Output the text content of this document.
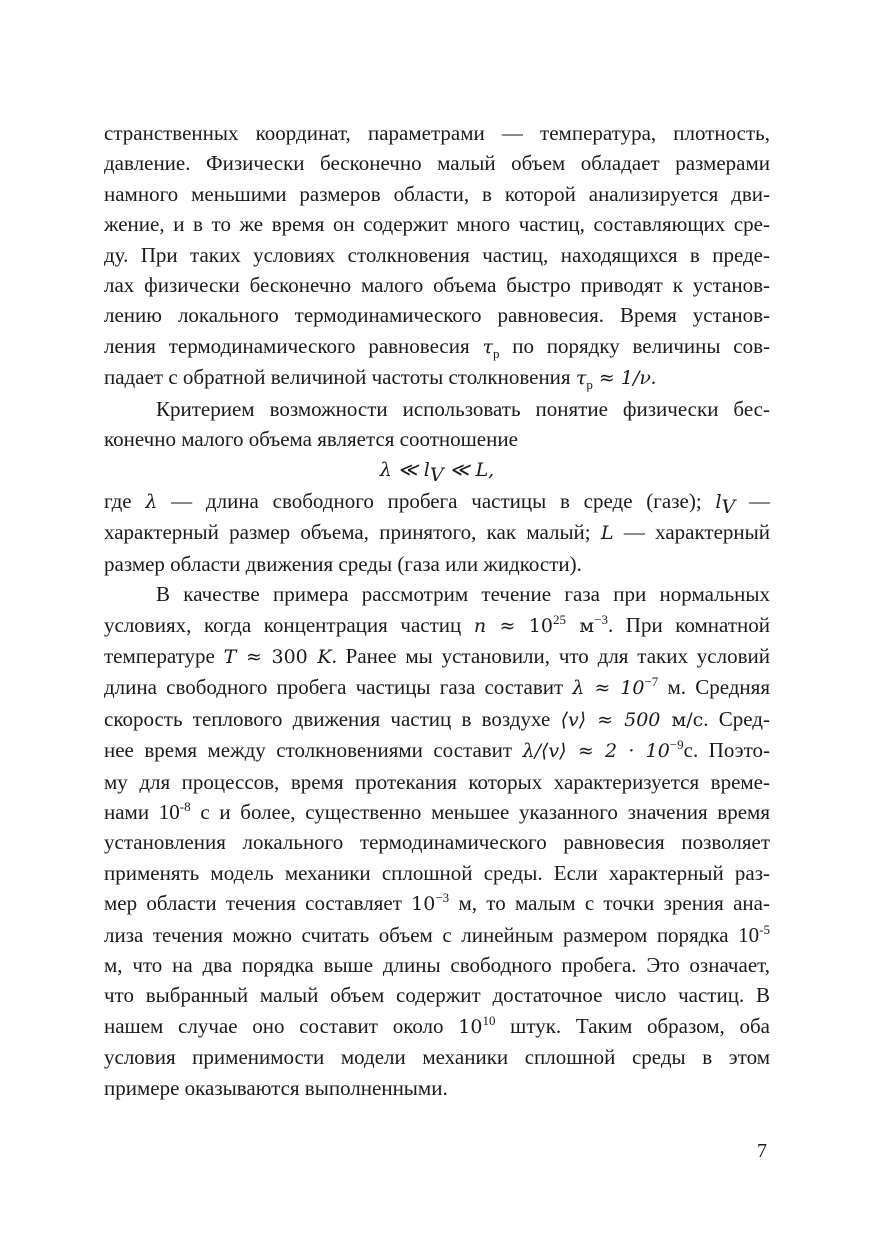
странственных координат, параметрами — температура, плотность,
давление. Физически бесконечно малый объем обладает размерами
намного меньшими размеров области, в которой анализируется дви-
жение, и в то же время он содержит много частиц, составляющих сре-
ду. При таких условиях столкновения частиц, находящихся в преде-
лах физически бесконечно малого объема быстро приводят к установ-
лению локального термодинамического равновесия. Время установ-
ления термодинамического равновесия $\tau_р$ по порядку величины сов-
падает с обратной величиной частоты столкновения $\tau_р \approx 1/\nu$.
Критерием возможности использовать понятие физически бес-
конечно малого объема является соотношение
λ ≪ $l_V$ ≪ L,
где λ — длина свободного пробега частицы в среде (газе); $l_V$ —
характерный размер объема, принятого, как малый; L — характерный
размер области движения среды (газа или жидкости).
В качестве примера рассмотрим течение газа при нормальных
условиях, когда концентрация частиц $n \approx 10^{25}$ $м^{-3}$. При комнатной
температуре T ≈ 300 K. Ранее мы установили, что для таких условий
длина свободного пробега частицы газа составит $\lambda \approx 10^{-7}$ м. Средняя
скорость теплового движения частиц в воздухе ⟨v⟩ ≈ 500 м/с. Сред-
нее время между столкновениями составит λ/⟨v⟩ ≈ $2 \cdot 10^{-9}с$. Поэто-
му для процессов, время протекания которых характеризуется време-
нами $10^{-8}$ с и более, существенно меньшее указанного значения время
установления локального термодинамического равновесия позволяет
применять модель механики сплошной среды. Если характерный раз-
мер области течения составляет $10^{-3}$ м, то малым с точки зрения ана-
лиза течения можно считать объем с линейным размером порядка $10^{-5}$
м, что на два порядка выше длины свободного пробега. Это означает,
что выбранный малый объем содержит достаточное число частиц. В
нашем случае оно составит около $10^{10}$ штук. Таким образом, оба
условия применимости модели механики сплошной среды в этом
примере оказываются выполненными.
7
